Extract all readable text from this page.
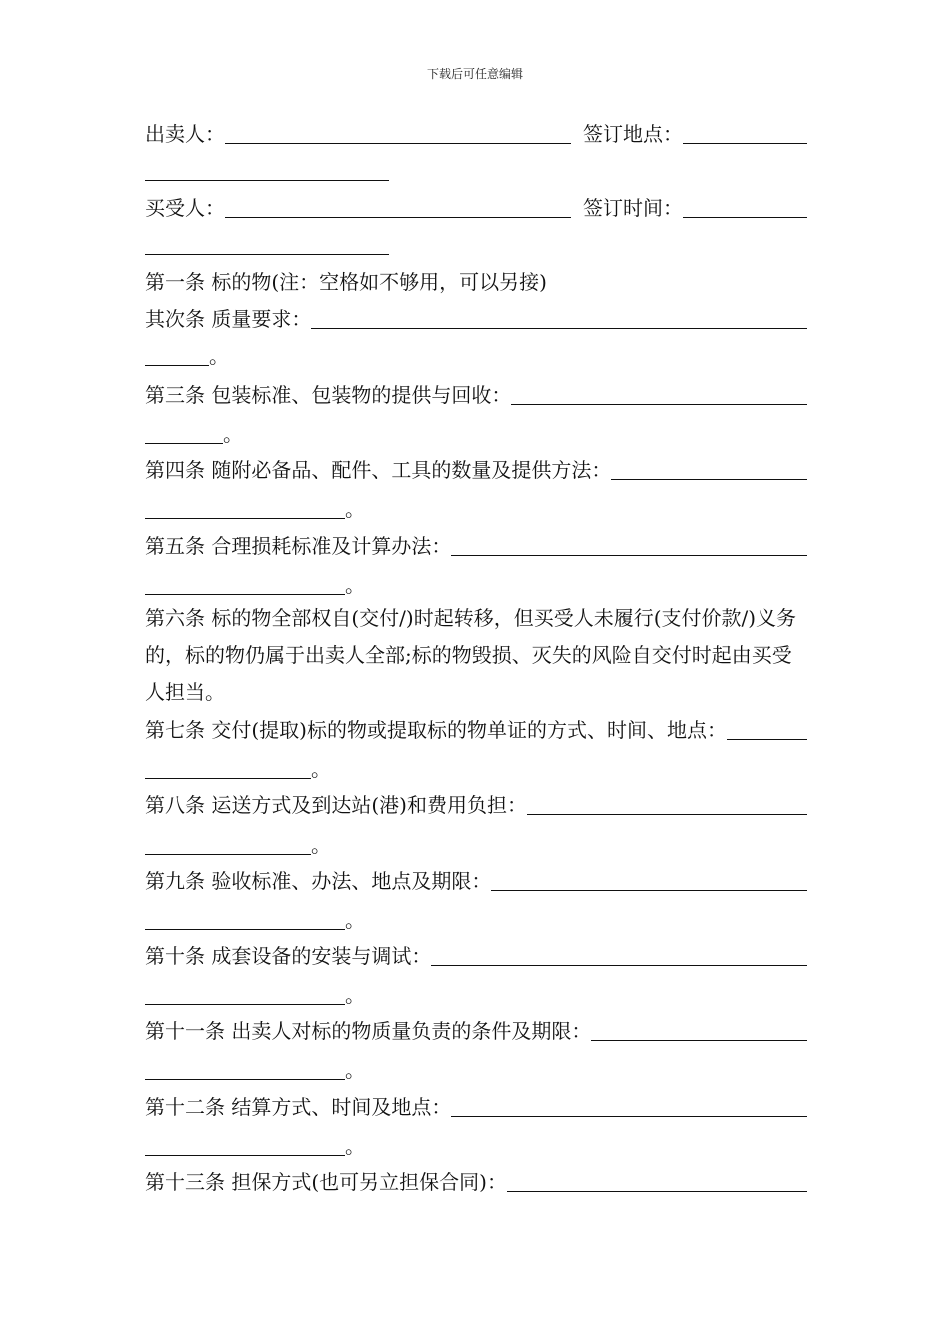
下载后可任意编辑
出卖人：	签订地点：
买受人：	签订时间：
第一条 标的物(注：空格如不够用，可以另接)
其次条 质量要求：
。
第三条 包装标准、包装物的提供与回收：
。
第四条 随附必备品、配件、工具的数量及提供方法：
。
第五条 合理损耗标准及计算办法：
。
第六条 标的物全部权自(交付/)时起转移，但买受人未履行(支付价款/)义务的，标的物仍属于出卖人全部;标的物毁损、灭失的风险自交付时起由买受人担当。
第七条 交付(提取)标的物或提取标的物单证的方式、时间、地点：
。
第八条 运送方式及到达站(港)和费用负担：
。
第九条 验收标准、办法、地点及期限：
。
第十条 成套设备的安装与调试：
。
第十一条 出卖人对标的物质量负责的条件及期限：
。
第十二条 结算方式、时间及地点：
。
第十三条 担保方式(也可另立担保合同)：
